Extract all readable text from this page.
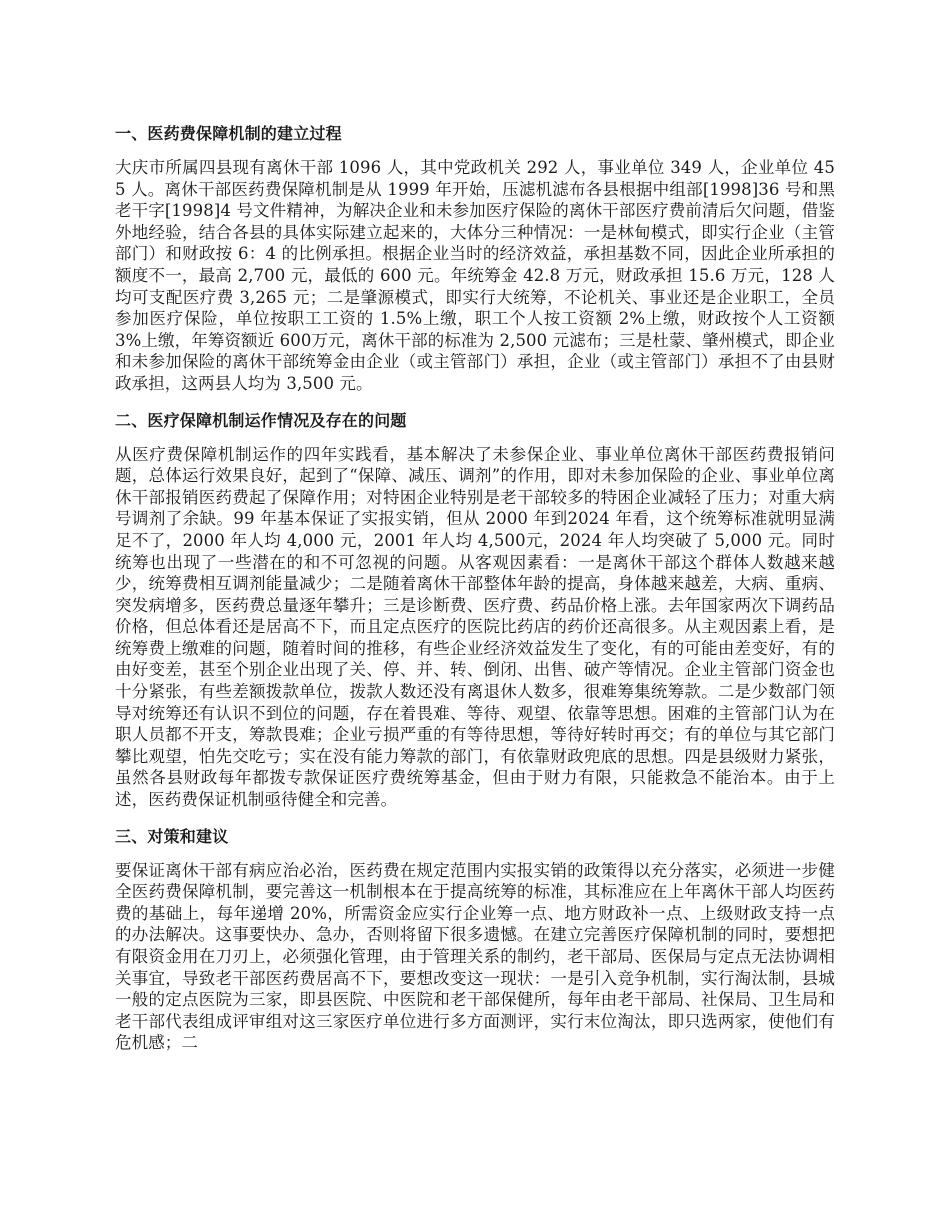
一、医药费保障机制的建立过程

大庆市所属四县现有离休干部 1096 人，其中党政机关 292 人，事业单位 349 人，企业单位 455 人。离休干部医药费保障机制是从 1999 年开始，压滤机滤布各县根据中组部[1998]36 号和黑老干字[1998]4 号文件精神，为解决企业和未参加医疗保险的离休干部医疗费前清后欠问题，借鉴外地经验，结合各县的具体实际建立起来的，大体分三种情况：一是林甸模式，即实行企业（主管部门）和财政按 6：4 的比例承担。根据企业当时的经济效益，承担基数不同，因此企业所承担的额度不一，最高 2,700 元，最低的 600 元。年统筹金 42.8 万元，财政承担 15.6 万元，128 人均可支配医疗费 3,265 元；二是肇源模式，即实行大统筹，不论机关、事业还是企业职工，全员参加医疗保险，单位按职工工资的 1.5%上缴，职工个人按工资额 2%上缴，财政按个人工资额 3%上缴，年筹资额近 600万元，离休干部的标准为 2,500 元滤布；三是杜蒙、肇州模式，即企业和未参加保险的离休干部统筹金由企业（或主管部门）承担，企业（或主管部门）承担不了由县财政承担，这两县人均为 3,500 元。

二、医疗保障机制运作情况及存在的问题

从医疗费保障机制运作的四年实践看，基本解决了未参保企业、事业单位离休干部医药费报销问题，总体运行效果良好，起到了“保障、减压、调剂”的作用，即对未参加保险的企业、事业单位离休干部报销医药费起了保障作用；对特困企业特别是老干部较多的特困企业减轻了压力；对重大病号调剂了余缺。99 年基本保证了实报实销，但从 2000 年到2024 年看，这个统筹标准就明显满足不了，2000 年人均 4,000 元，2001 年人均 4,500元，2024 年人均突破了 5,000 元。同时统筹也出现了一些潜在的和不可忽视的问题。从客观因素看：一是离休干部这个群体人数越来越少，统筹费相互调剂能量减少；二是随着离休干部整体年龄的提高，身体越来越差，大病、重病、突发病增多，医药费总量逐年攀升；三是诊断费、医疗费、药品价格上涨。去年国家两次下调药品价格，但总体看还是居高不下，而且定点医疗的医院比药店的药价还高很多。从主观因素上看，是统筹费上缴难的问题，随着时间的推移，有些企业经济效益发生了变化，有的可能由差变好，有的由好变差，甚至个别企业出现了关、停、并、转、倒闭、出售、破产等情况。企业主管部门资金也十分紧张，有些差额拨款单位，拨款人数还没有离退休人数多，很难筹集统筹款。二是少数部门领导对统筹还有认识不到位的问题，存在着畏难、等待、观望、依靠等思想。困难的主管部门认为在职人员都不开支，筹款畏难；企业亏损严重的有等待思想，等待好转时再交；有的单位与其它部门攀比观望，怕先交吃亏；实在没有能力筹款的部门，有依靠财政兜底的思想。四是县级财力紧张，虽然各县财政每年都拨专款保证医疗费统筹基金，但由于财力有限，只能救急不能治本。由于上述，医药费保证机制亟待健全和完善。

三、对策和建议

要保证离休干部有病应治必治，医药费在规定范围内实报实销的政策得以充分落实，必须进一步健全医药费保障机制，要完善这一机制根本在于提高统筹的标准，其标准应在上年离休干部人均医药费的基础上，每年递增 20%，所需资金应实行企业筹一点、地方财政补一点、上级财政支持一点的办法解决。这事要快办、急办，否则将留下很多遗憾。在建立完善医疗保障机制的同时，要想把有限资金用在刀刃上，必须强化管理，由于管理关系的制约，老干部局、医保局与定点无法协调相关事宜，导致老干部医药费居高不下，要想改变这一现状：一是引入竞争机制，实行淘汰制，县城一般的定点医院为三家，即县医院、中医院和老干部保健所，每年由老干部局、社保局、卫生局和老干部代表组成评审组对这三家医疗单位进行多方面测评，实行末位淘汰，即只选两家，使他们有 危机感；二
